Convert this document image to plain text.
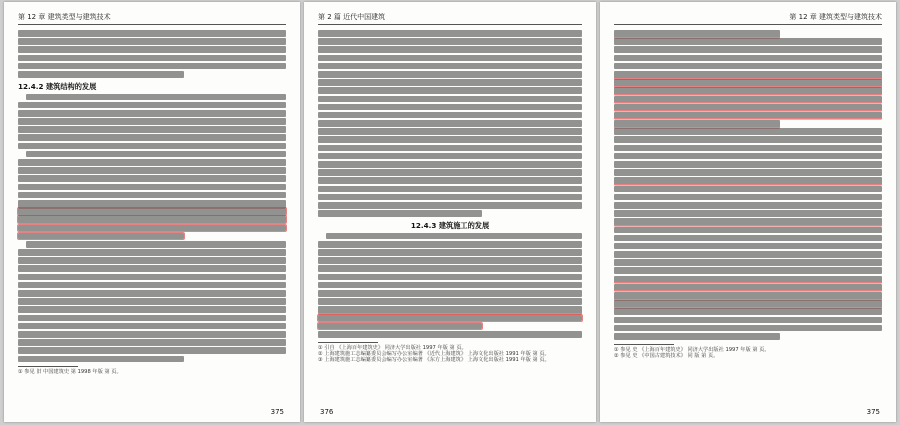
第 12 章 建筑类型与建筑技术
12.4.2 建筑结构的发展
① 参见 旧 中国建筑史 第 1998 年版 第 页。
375
第 2 篇 近代中国建筑
12.4.3 建筑施工的发展
① 引自 《上海百年建筑史》 同济大学出版社 1997 年版 第 页。
② 上海建筑施工志编纂委员会编写办公室编著 《近代上海建筑》 上海文化出版社 1991 年版 第 页。
③ 上海建筑施工志编纂委员会编写办公室编著 《东方上海建筑》 上海文化出版社 1991 年版 第 页。
376
第 12 章 建筑类型与建筑技术
① 参见 史 《上海百年建筑史》 同济大学出版社 1997 年版 第 页。
② 参见 史 《中国古建筑技术》 同 版 第 页。
375
